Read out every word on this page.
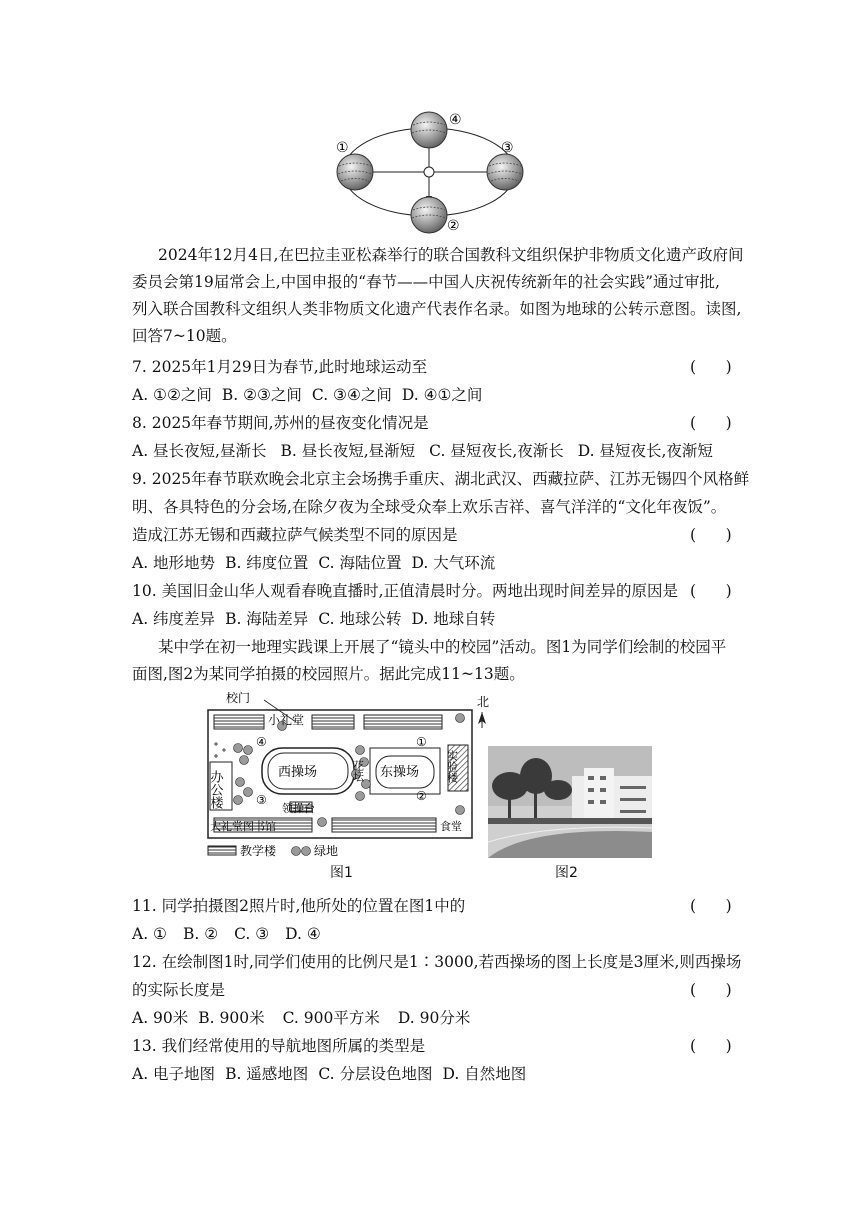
①
②
③
④
2024年12月4日,在巴拉圭亚松森举行的联合国教科文组织保护非物质文化遗产政府间
委员会第19届常会上,中国申报的“春节——中国人庆祝传统新年的社会实践”通过审批,
列入联合国教科文组织人类非物质文化遗产代表作名录。如图为地球的公转示意图。读图,
回答7~10题。
7. 2025年1月29日为春节,此时地球运动至	(      )
A. ①②之间 B. ②③之间 C. ③④之间 D. ④①之间
8. 2025年春节期间,苏州的昼夜变化情况是	(      )
A. 昼长夜短,昼渐长 B. 昼长夜短,昼渐短 C. 昼短夜长,夜渐长 D. 昼短夜长,夜渐短
9. 2025年春节联欢晚会北京主会场携手重庆、湖北武汉、西藏拉萨、江苏无锡四个风格鲜
明、各具特色的分会场,在除夕夜为全球受众奉上欢乐吉祥、喜气洋洋的“文化年夜饭”。
造成江苏无锡和西藏拉萨气候类型不同的原因是	(      )
A. 地形地势 B. 纬度位置 C. 海陆位置 D. 大气环流
10. 美国旧金山华人观看春晚直播时,正值清晨时分。两地出现时间差异的原因是 (      )
A. 纬度差异 B. 海陆差异 C. 地球公转 D. 地球自转
某中学在初一地理实践课上开展了“镜头中的校园”活动。图1为同学们绘制的校园平
面图,图2为某同学拍摄的校园照片。据此完成11~13题。
校门
小礼堂
西操场	东操场
花坛
领操台
办公楼
大礼堂图书馆
实验楼
食堂
①
②
③
④
北
教学楼	绿地
图1	图2
11. 同学拍摄图2照片时,他所处的位置在图1中的	(      )
A. ① B. ② C. ③ D. ④
12. 在绘制图1时,同学们使用的比例尺是1∶3000,若西操场的图上长度是3厘米,则西操场
的实际长度是	(      )
A. 90米 B. 900米 C. 900平方米 D. 90分米
13. 我们经常使用的导航地图所属的类型是	(      )
A. 电子地图 B. 遥感地图 C. 分层设色地图 D. 自然地图
